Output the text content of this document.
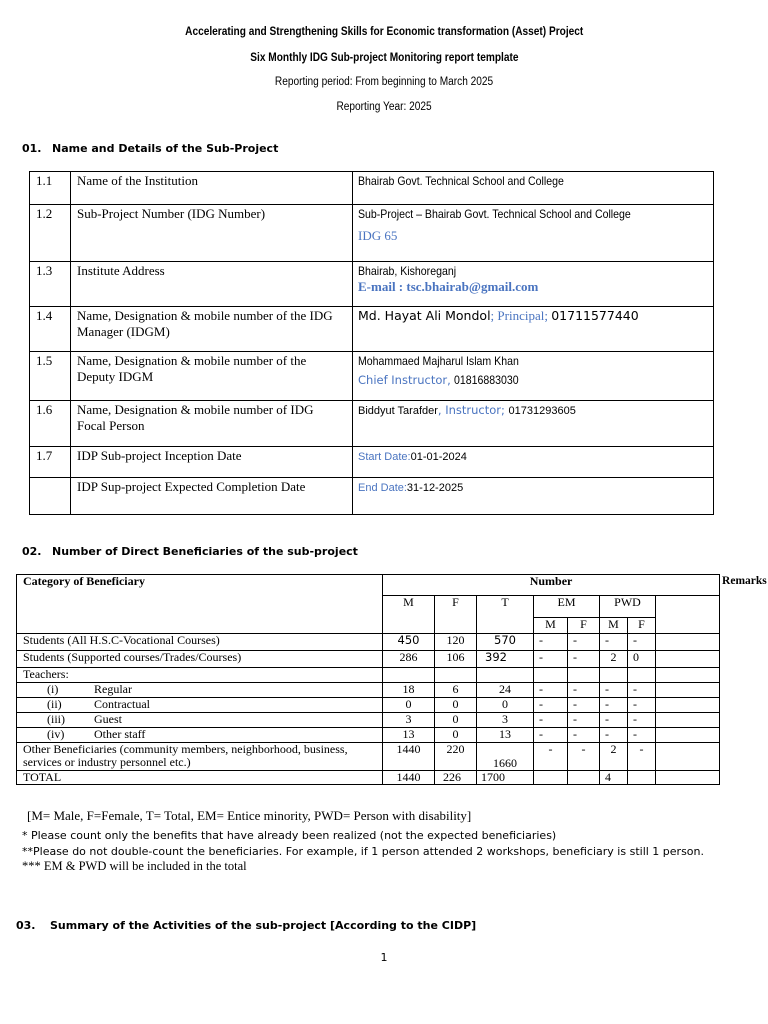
Accelerating and Strengthening Skills for Economic transformation (Asset) Project
Six Monthly IDG Sub-project Monitoring report template
Reporting period: From beginning to March 2025
Reporting Year: 2025
01. Name and Details of the Sub-Project
1.1	Name of the Institution	Bhairab Govt. Technical School and College
1.2	Sub-Project Number (IDG Number)	Sub-Project – Bhairab Govt. Technical School and College
IDG 65

1.3	Institute Address	Bhairab, Kishoreganj
E-mail : tsc.bhairab@gmail.com

1.4	Name, Designation & mobile number of the IDG Manager (IDGM)	Md. Hayat Ali Mondol; Principal; 01711577440
1.5	Name, Designation & mobile number of the Deputy IDGM	Mohammaed Majharul Islam Khan
Chief Instructor, 01816883030

1.6	Name, Designation & mobile number of IDG Focal Person	Biddyut Tarafder, Instructor; 01731293605
1.7	IDP Sub-project Inception Date	Start Date:01-01-2024
	IDP Sup-project Expected Completion Date	End Date:31-12-2025
02. Number of Direct Beneficiaries of the sub-project
Category of Beneficiary	Number								Remarks
	M	F	T	EM		PWD			
				M	F	M	F		
Students (All H.S.C-Vocational Courses)	450	120	570	-	-	-	-		
Students (Supported courses/Trades/Courses)	286	106	392	-	-	2	0		
Teachers:									
(i) Regular	18	6	24	-	-	-	-		
(ii) Contractual	0	0	0	-	-	-	-		
(iii) Guest	3	0	3	-	-	-	-		
(iv) Other staff	13	0	13	-	-	-	-		
Other Beneficiaries (community members, neighborhood, business, services or industry personnel etc.)	1440	220	1660	-	-	2	-		
TOTAL	1440	226	1700			4			
[M= Male, F=Female, T= Total, EM= Entice minority, PWD= Person with disability]
* Please count only the benefits that have already been realized (not the expected beneficiaries)
**Please do not double-count the beneficiaries. For example, if 1 person attended 2 workshops, beneficiary is still 1 person.
*** EM & PWD will be included in the total
03. Summary of the Activities of the sub-project [According to the CIDP]
1
